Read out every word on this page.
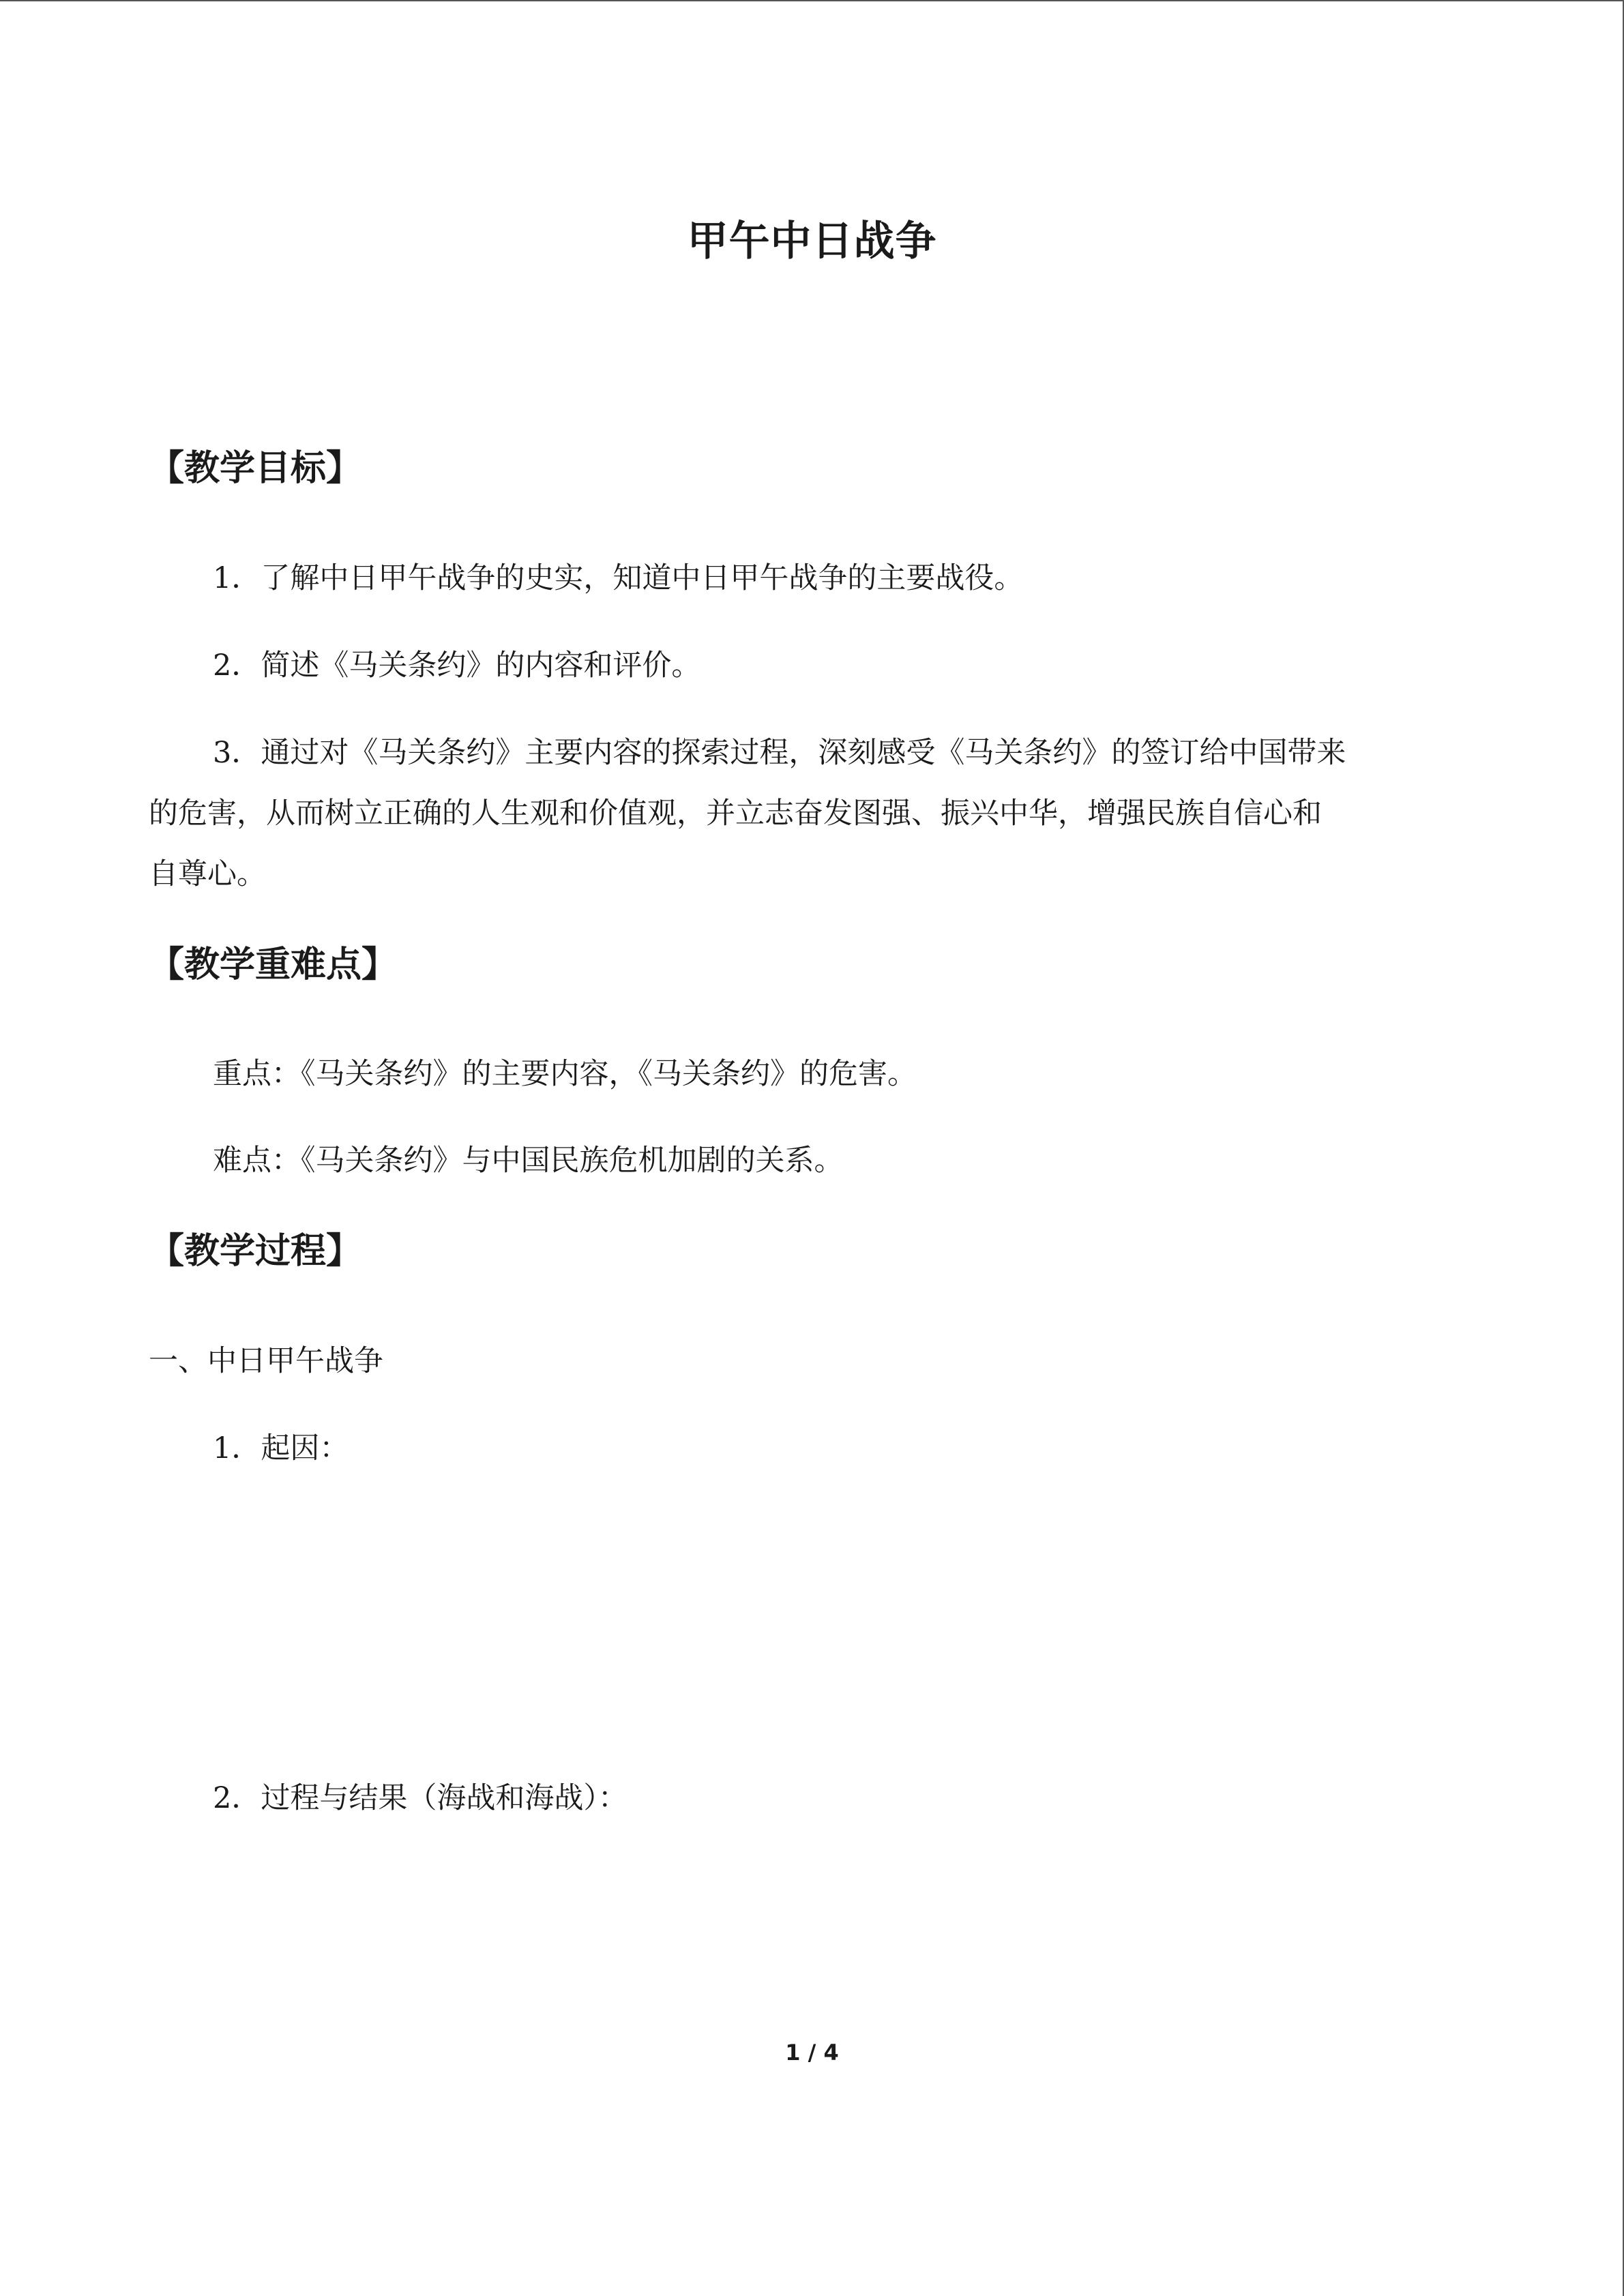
甲午中日战争
【教学目标】

1．了解中日甲午战争的史实，知道中日甲午战争的主要战役。

2．简述《马关条约》的内容和评价。

3．通过对《马关条约》主要内容的探索过程，深刻感受《马关条约》的签订给中国带来
的危害，从而树立正确的人生观和价值观，并立志奋发图强、振兴中华，增强民族自信心和
自尊心。
【教学重难点】

重点：《马关条约》的主要内容，《马关条约》的危害。

难点：《马关条约》与中国民族危机加剧的关系。

【教学过程】

一、中日甲午战争

1．起因：

2．过程与结果（海战和海战）：

1 / 4
